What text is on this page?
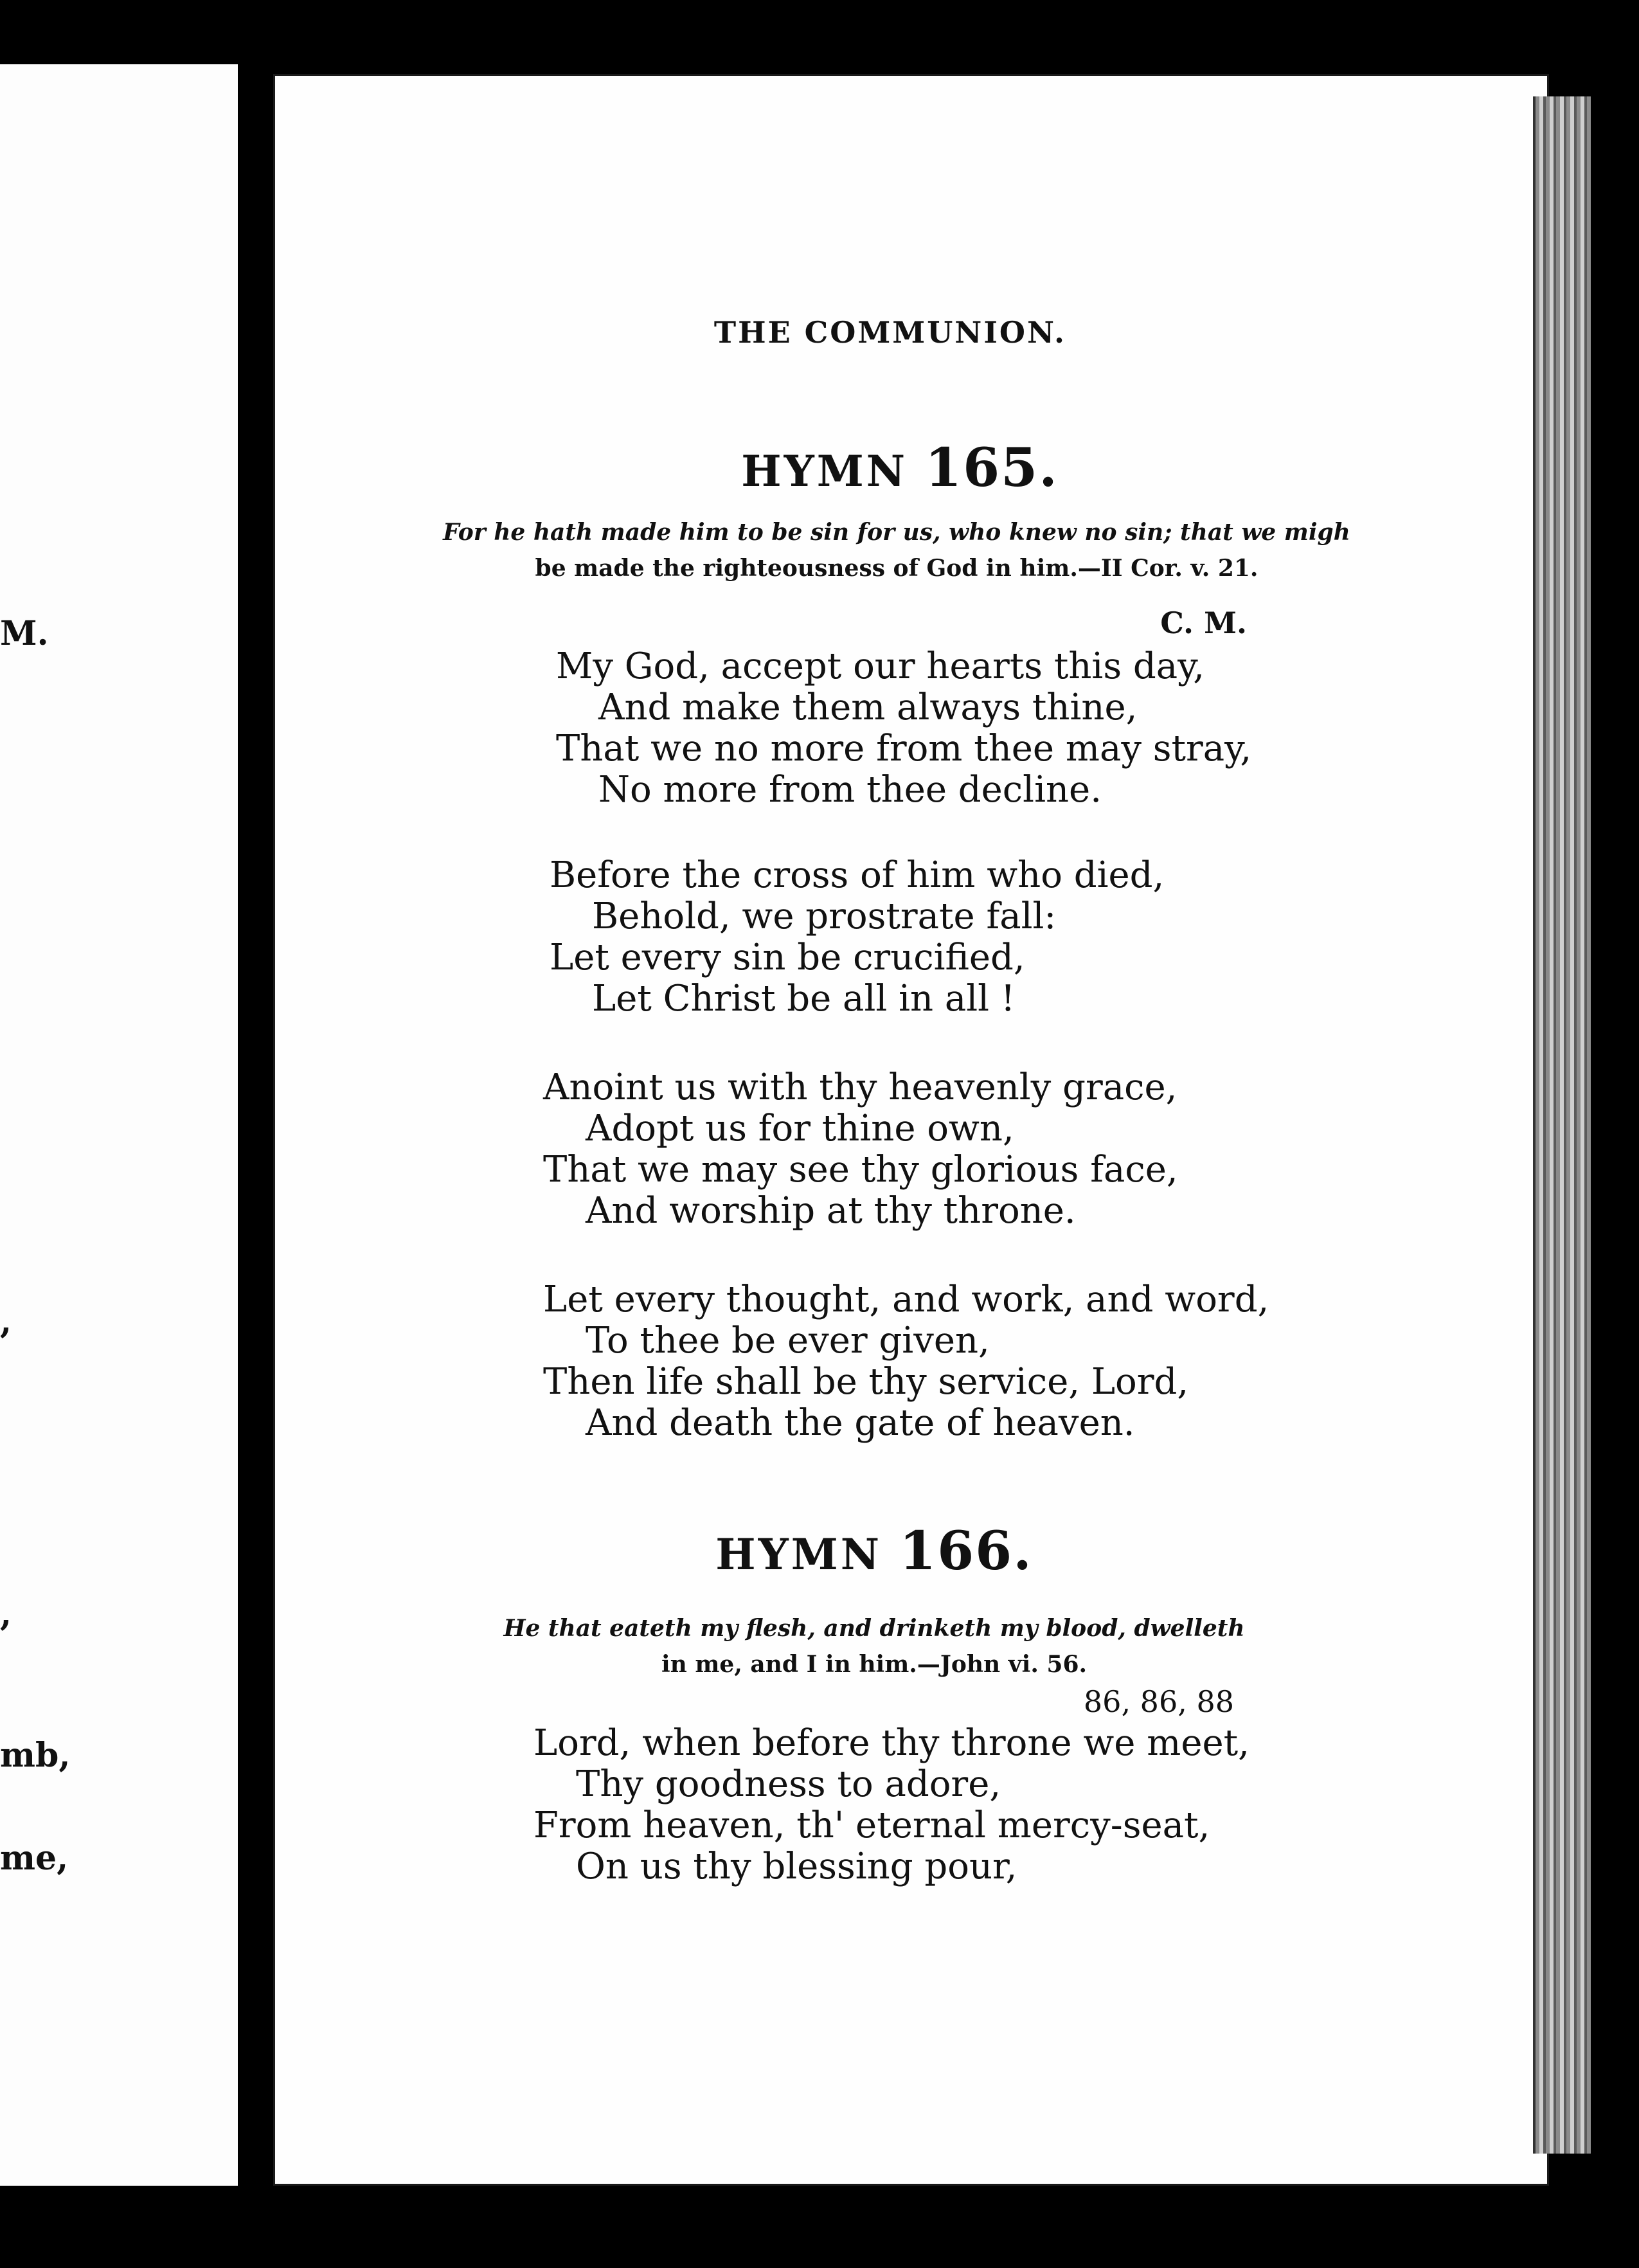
M.
,
,
mb,
me,
THE COMMUNION.
HYMN 165.
For he hath made him to be sin for us, who knew no sin; that we migh
be made the righteousness of God in him.—II Cor. v. 21.
C. M.
My God, accept our hearts this day,
And make them always thine,
That we no more from thee may stray,
No more from thee decline.
Before the cross of him who died,
Behold, we prostrate fall:
Let every sin be crucified,
Let Christ be all in all !
Anoint us with thy heavenly grace,
Adopt us for thine own,
That we may see thy glorious face,
And worship at thy throne.
Let every thought, and work, and word,
To thee be ever given,
Then life shall be thy service, Lord,
And death the gate of heaven.
HYMN 166.
He that eateth my flesh, and drinketh my blood, dwelleth
in me, and I in him.—John vi. 56.
86, 86, 88
Lord, when before thy throne we meet,
Thy goodness to adore,
From heaven, th' eternal mercy-seat,
On us thy blessing pour,
